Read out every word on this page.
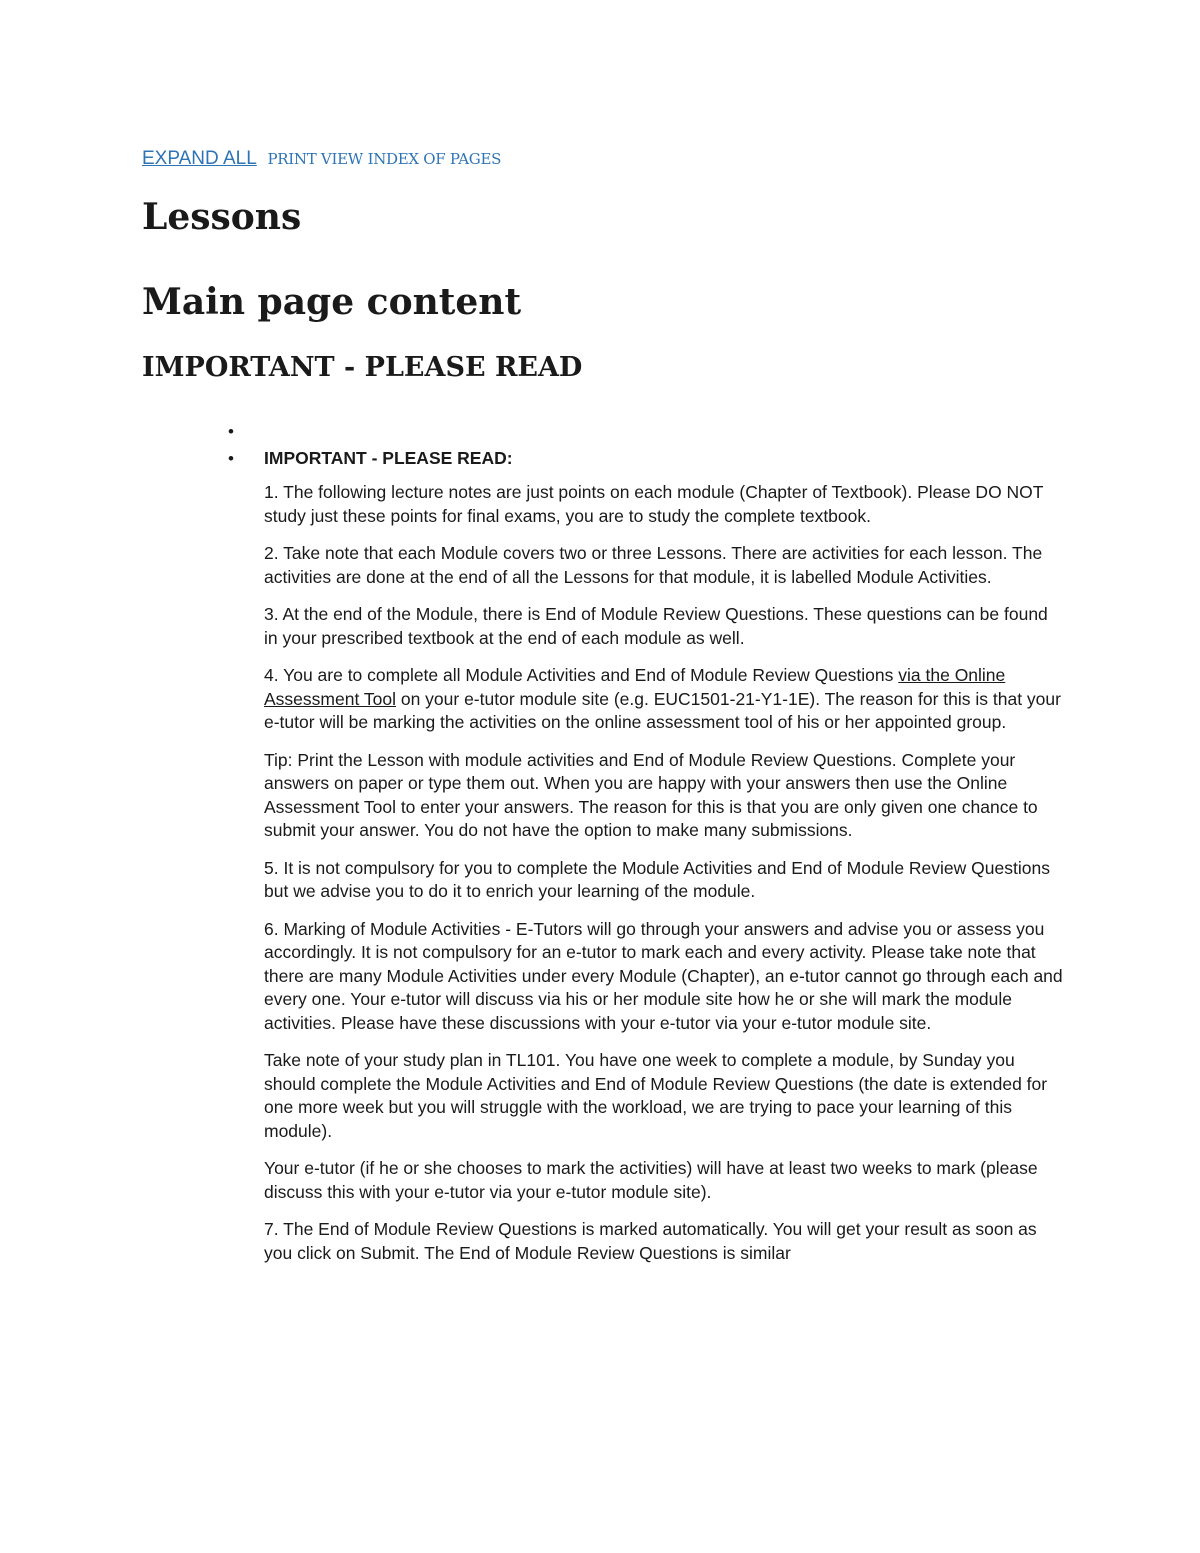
EXPAND ALL PRINT VIEW INDEX OF PAGES
Lessons
Main page content
IMPORTANT - PLEASE READ
•
• IMPORTANT - PLEASE READ:

1. The following lecture notes are just points on each module (Chapter of Textbook). Please DO NOT study just these points for final exams, you are to study the complete textbook.

2. Take note that each Module covers two or three Lessons. There are activities for each lesson. The activities are done at the end of all the Lessons for that module, it is labelled Module Activities.

3. At the end of the Module, there is End of Module Review Questions. These questions can be found in your prescribed textbook at the end of each module as well.

4. You are to complete all Module Activities and End of Module Review Questions via the Online Assessment Tool on your e-tutor module site (e.g. EUC1501-21-Y1-1E). The reason for this is that your e-tutor will be marking the activities on the online assessment tool of his or her appointed group.

Tip: Print the Lesson with module activities and End of Module Review Questions. Complete your answers on paper or type them out. When you are happy with your answers then use the Online Assessment Tool to enter your answers. The reason for this is that you are only given one chance to submit your answer. You do not have the option to make many submissions.

5. It is not compulsory for you to complete the Module Activities and End of Module Review Questions but we advise you to do it to enrich your learning of the module.

6. Marking of Module Activities - E-Tutors will go through your answers and advise you or assess you accordingly. It is not compulsory for an e-tutor to mark each and every activity. Please take note that there are many Module Activities under every Module (Chapter), an e-tutor cannot go through each and every one. Your e-tutor will discuss via his or her module site how he or she will mark the module activities. Please have these discussions with your e-tutor via your e-tutor module site.

Take note of your study plan in TL101. You have one week to complete a module, by Sunday you should complete the Module Activities and End of Module Review Questions (the date is extended for one more week but you will struggle with the workload, we are trying to pace your learning of this module).

Your e-tutor (if he or she chooses to mark the activities) will have at least two weeks to mark (please discuss this with your e-tutor via your e-tutor module site).

7. The End of Module Review Questions is marked automatically. You will get your result as soon as you click on Submit. The End of Module Review Questions is similar
